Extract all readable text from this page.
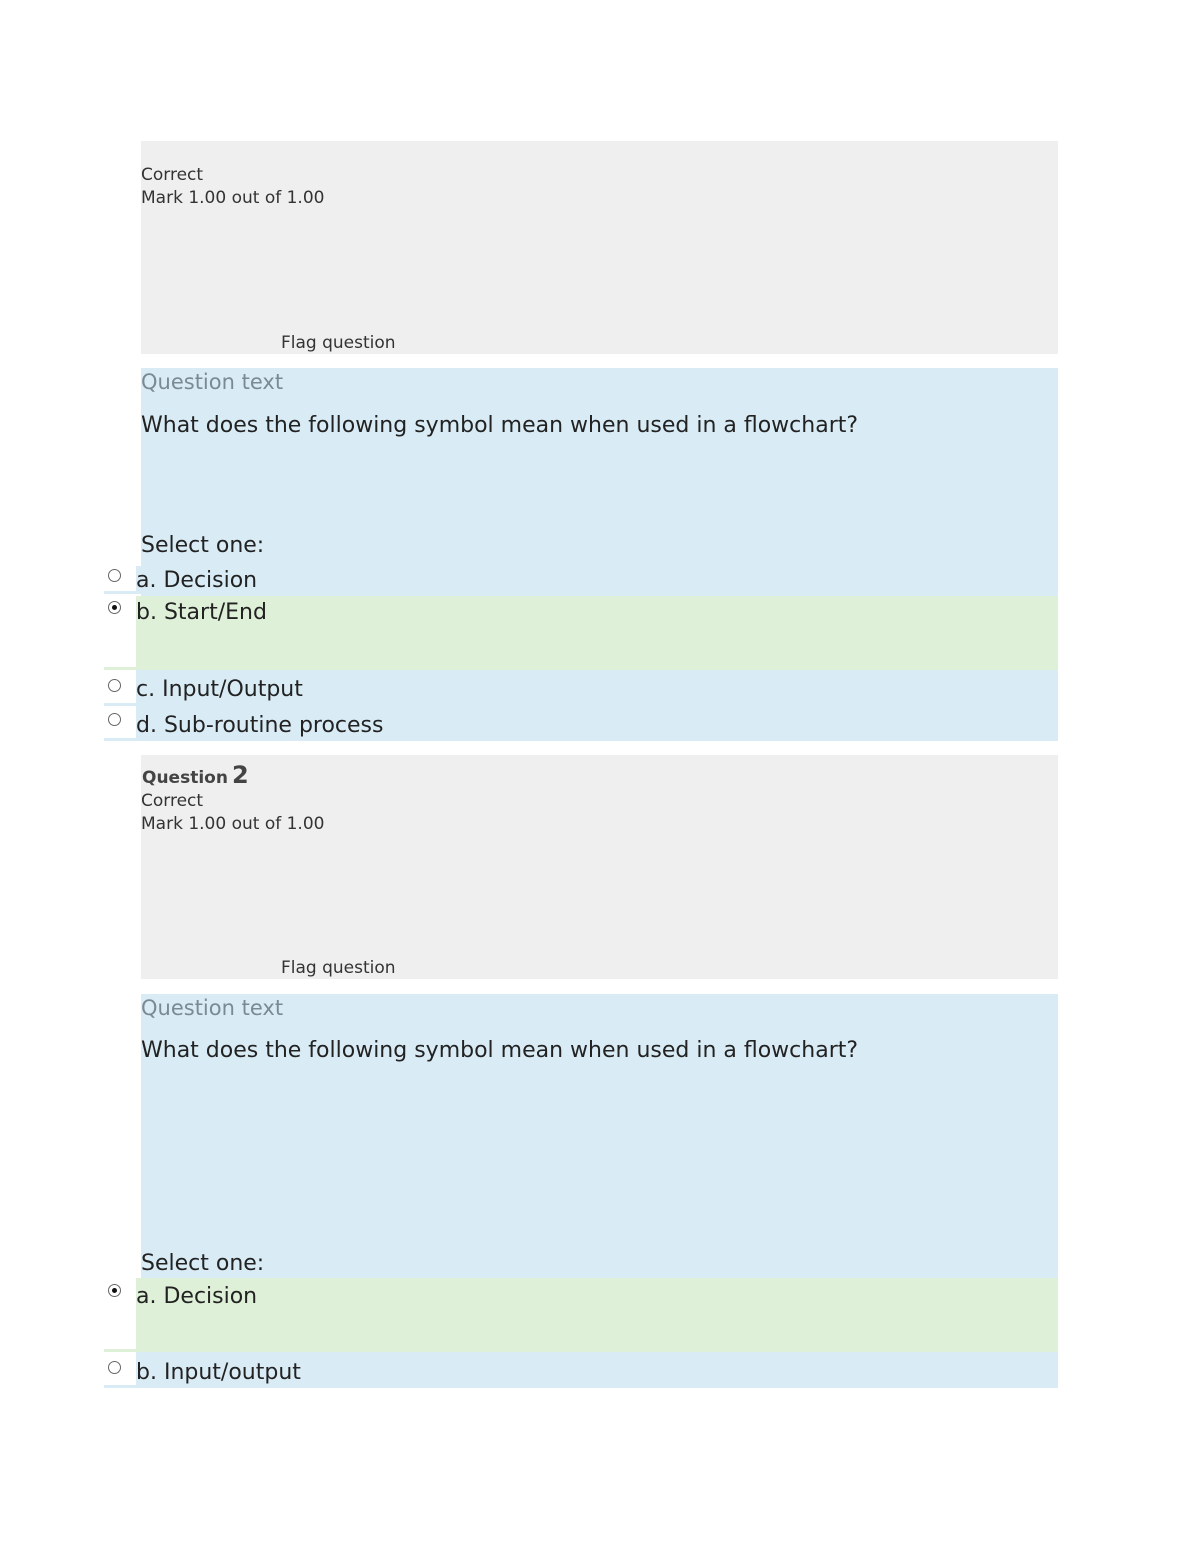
Correct
Mark 1.00 out of 1.00
Flag question
Question text
What does the following symbol mean when used in a flowchart?
Select one:
a. Decision
b. Start/End
c. Input/Output
d. Sub-routine process
Question 2
Correct
Mark 1.00 out of 1.00
Flag question
Question text
What does the following symbol mean when used in a flowchart?
Select one:
a. Decision
b. Input/output
